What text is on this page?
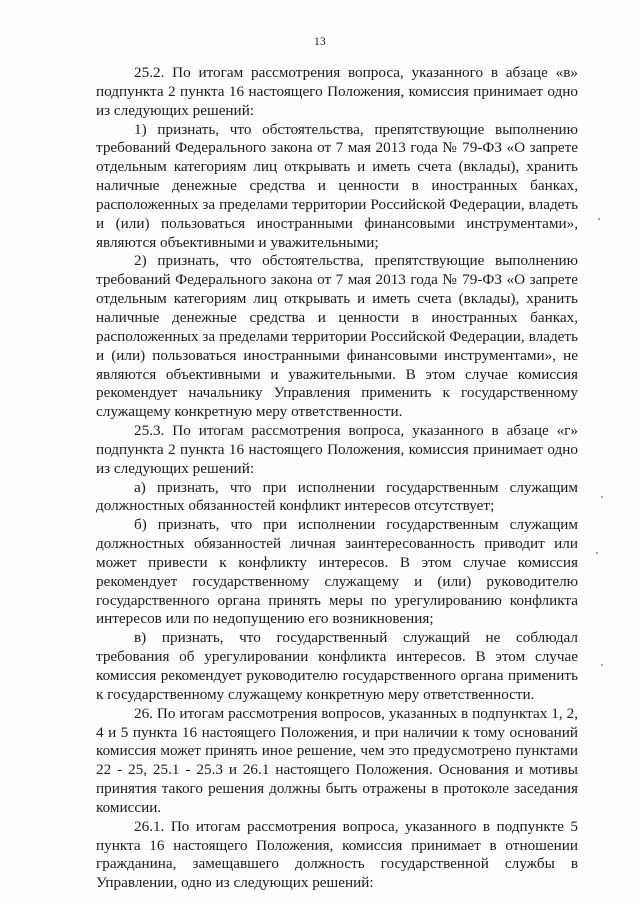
13

25.2. По итогам рассмотрения вопроса, указанного в абзаце «в» подпункта 2 пункта 16 настоящего Положения, комиссия принимает одно из следующих решений:

1) признать, что обстоятельства, препятствующие выполнению требований Федерального закона от 7 мая 2013 года № 79-ФЗ «О запрете отдельным категориям лиц открывать и иметь счета (вклады), хранить наличные денежные средства и ценности в иностранных банках, расположенных за пределами территории Российской Федерации, владеть и (или) пользоваться иностранными финансовыми инструментами», являются объективными и уважительными;

2) признать, что обстоятельства, препятствующие выполнению требований Федерального закона от 7 мая 2013 года № 79-ФЗ «О запрете отдельным категориям лиц открывать и иметь счета (вклады), хранить наличные денежные средства и ценности в иностранных банках, расположенных за пределами территории Российской Федерации, владеть и (или) пользоваться иностранными финансовыми инструментами», не являются объективными и уважительными. В этом случае комиссия рекомендует начальнику Управления применить к государственному служащему конкретную меру ответственности.

25.3. По итогам рассмотрения вопроса, указанного в абзаце «г» подпункта 2 пункта 16 настоящего Положения, комиссия принимает одно из следующих решений:

а) признать, что при исполнении государственным служащим должностных обязанностей конфликт интересов отсутствует;

б) признать, что при исполнении государственным служащим должностных обязанностей личная заинтересованность приводит или может привести к конфликту интересов. В этом случае комиссия рекомендует государственному служащему и (или) руководителю государственного органа принять меры по урегулированию конфликта интересов или по недопущению его возникновения;

в) признать, что государственный служащий не соблюдал требования об урегулировании конфликта интересов. В этом случае комиссия рекомендует руководителю государственного органа применить к государственному служащему конкретную меру ответственности.

26. По итогам рассмотрения вопросов, указанных в подпунктах 1, 2, 4 и 5 пункта 16 настоящего Положения, и при наличии к тому оснований комиссия может принять иное решение, чем это предусмотрено пунктами 22 - 25, 25.1 - 25.3 и 26.1 настоящего Положения. Основания и мотивы принятия такого решения должны быть отражены в протоколе заседания комиссии.

26.1. По итогам рассмотрения вопроса, указанного в подпункте 5 пункта 16 настоящего Положения, комиссия принимает в отношении гражданина, замещавшего должность государственной службы в Управлении, одно из следующих решений:
